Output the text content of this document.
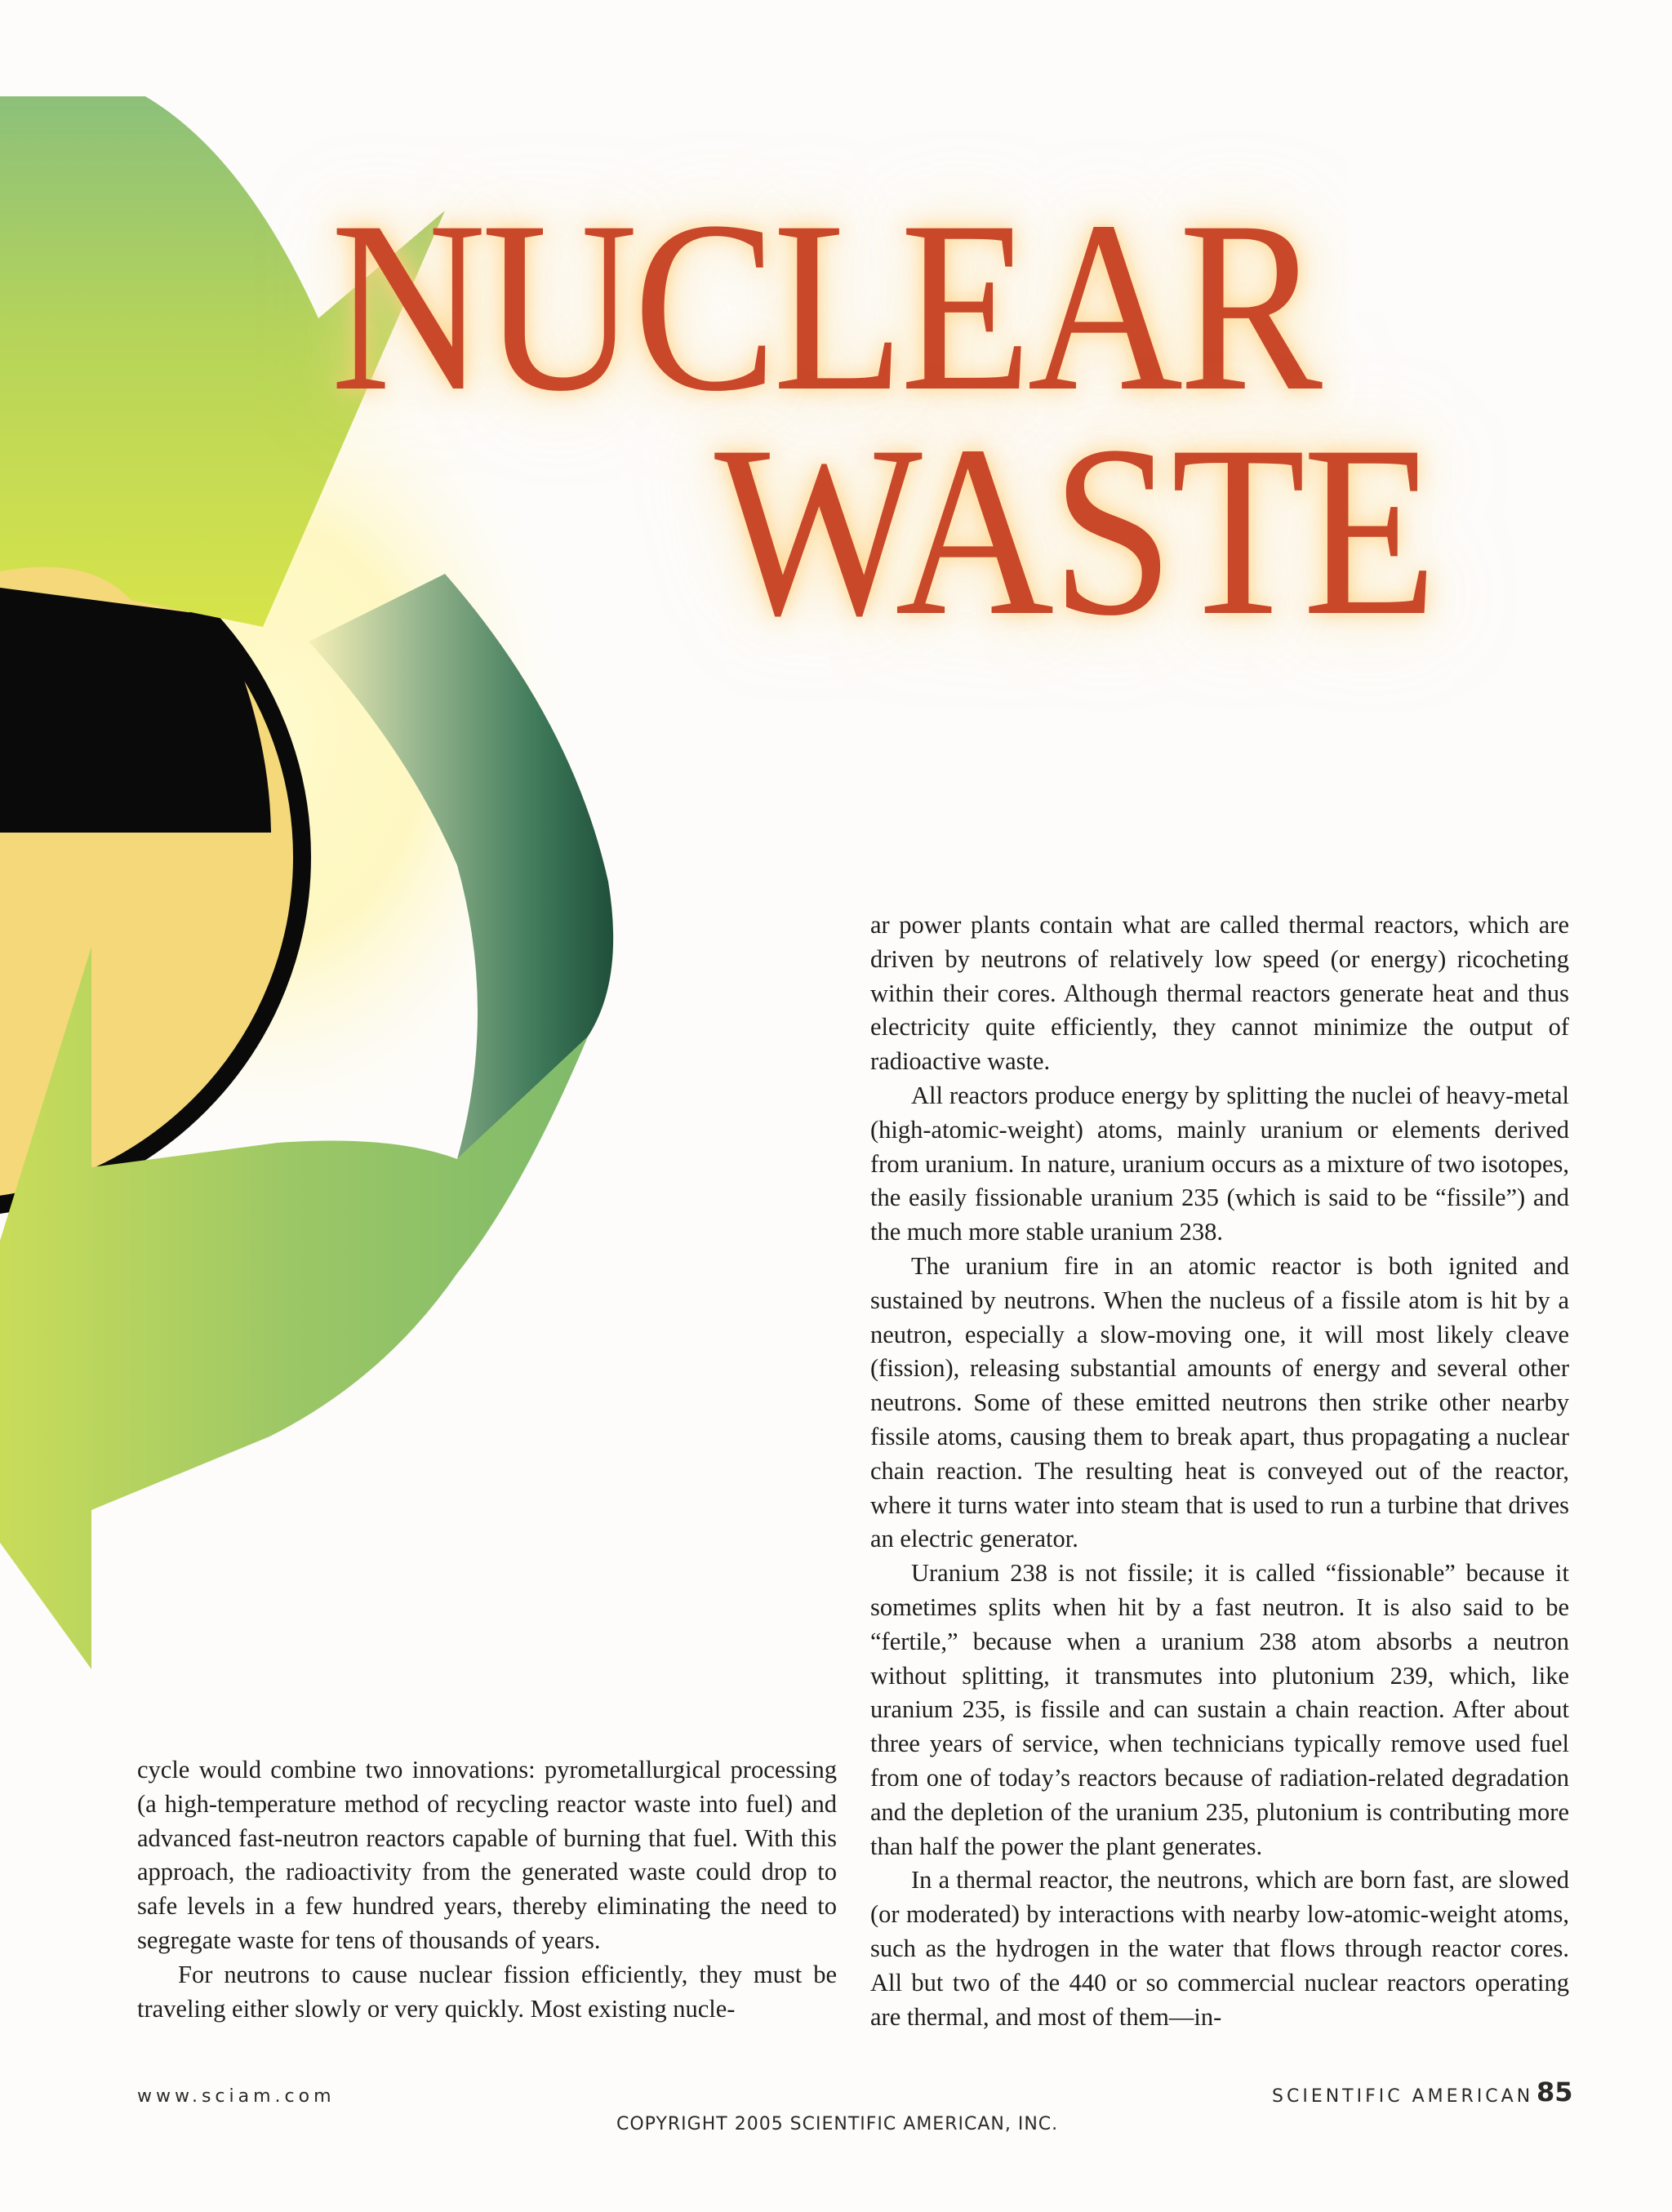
NUCLEAR
WASTE

ar power plants contain what are called thermal reactors, which are driven by neutrons of relatively low speed (or energy) ricocheting within their cores. Although thermal reactors generate heat and thus electricity quite efficiently, they cannot minimize the output of radioactive waste.

All reactors produce energy by splitting the nuclei of heavy-metal (high-atomic-weight) atoms, mainly uranium or elements derived from uranium. In nature, uranium occurs as a mixture of two isotopes, the easily fissionable uranium 235 (which is said to be “fissile”) and the much more stable uranium 238.

The uranium fire in an atomic reactor is both ignited and sustained by neutrons. When the nucleus of a fissile atom is hit by a neutron, especially a slow-moving one, it will most likely cleave (fission), releasing substantial amounts of energy and several other neutrons. Some of these emitted neutrons then strike other nearby fissile atoms, causing them to break apart, thus propagating a nuclear chain reaction. The resulting heat is conveyed out of the reactor, where it turns water into steam that is used to run a turbine that drives an electric generator.

Uranium 238 is not fissile; it is called “fissionable” because it sometimes splits when hit by a fast neutron. It is also said to be “fertile,” because when a uranium 238 atom absorbs a neutron without splitting, it transmutes into plutonium 239, which, like uranium 235, is fissile and can sustain a chain reaction. After about three years of service, when technicians typically remove used fuel from one of today’s reactors because of radiation-related degradation and the depletion of the uranium 235, plutonium is contributing more than half the power the plant generates.

In a thermal reactor, the neutrons, which are born fast, are slowed (or moderated) by interactions with nearby low-atomic-weight atoms, such as the hydrogen in the water that flows through reactor cores. All but two of the 440 or so commercial nuclear reactors operating are thermal, and most of them—in-

cycle would combine two innovations: pyrometallurgical processing (a high-temperature method of recycling reactor waste into fuel) and advanced fast-neutron reactors capable of burning that fuel. With this approach, the radioactivity from the generated waste could drop to safe levels in a few hundred years, thereby eliminating the need to segregate waste for tens of thousands of years.

For neutrons to cause nuclear fission efficiently, they must be traveling either slowly or very quickly. Most existing nucle-

www.sciam.com	SCIENTIFIC AMERICAN 85
COPYRIGHT 2005 SCIENTIFIC AMERICAN, INC.
